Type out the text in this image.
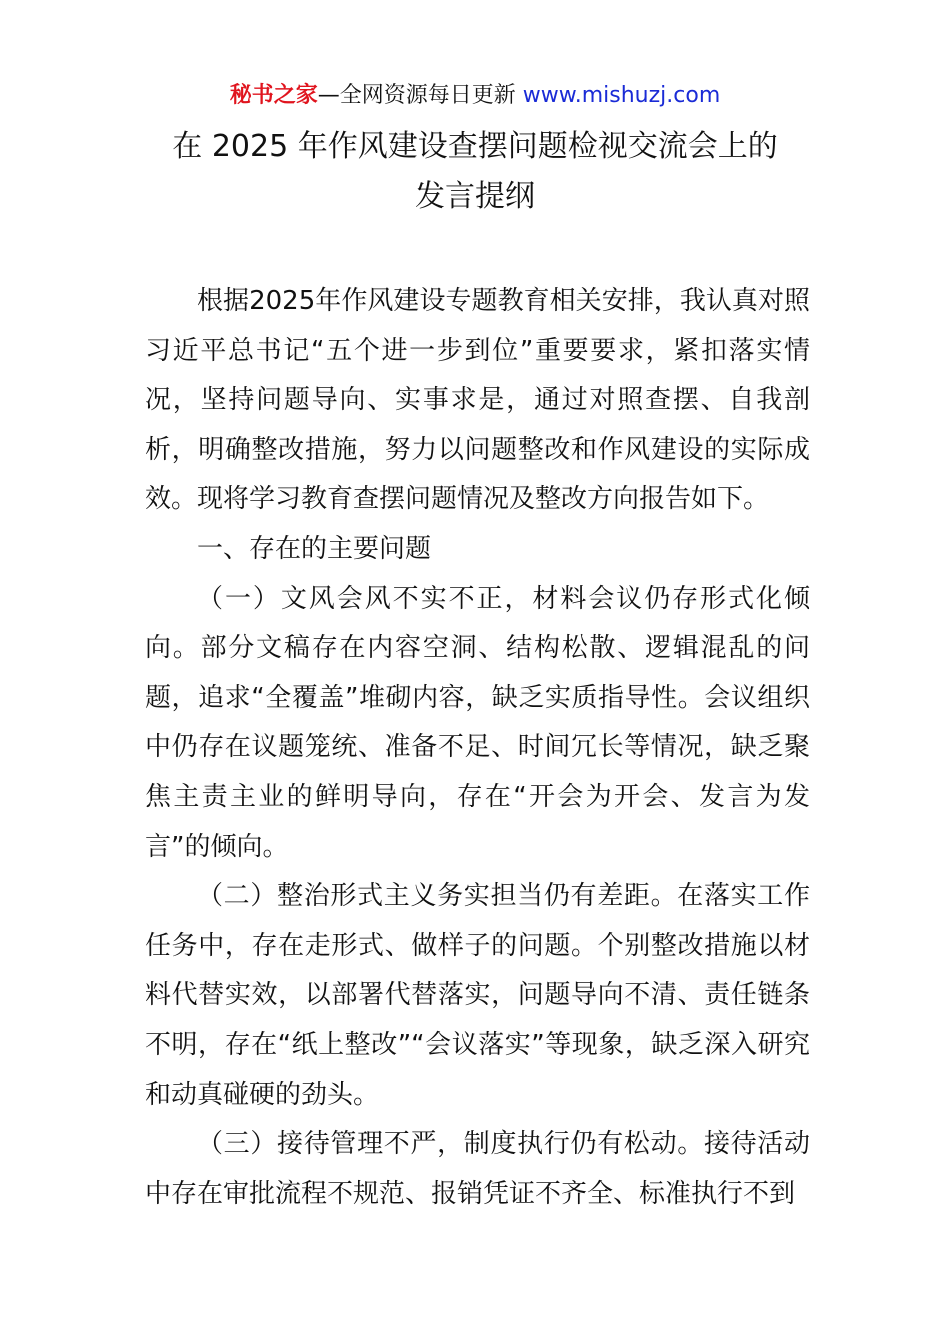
秘书之家—全网资源每日更新 www.mishuzj.com
在 2025 年作风建设查摆问题检视交流会上的
发言提纲

根据2025年作风建设专题教育相关安排，我认真对照习近平总书记“五个进一步到位”重要要求，紧扣落实情况，坚持问题导向、实事求是，通过对照查摆、自我剖析，明确整改措施，努力以问题整改和作风建设的实际成效。现将学习教育查摆问题情况及整改方向报告如下。

一、存在的主要问题

（一）文风会风不实不正，材料会议仍存形式化倾向。部分文稿存在内容空洞、结构松散、逻辑混乱的问题，追求“全覆盖”堆砌内容，缺乏实质指导性。会议组织中仍存在议题笼统、准备不足、时间冗长等情况，缺乏聚焦主责主业的鲜明导向，存在“开会为开会、发言为发言”的倾向。

（二）整治形式主义务实担当仍有差距。在落实工作任务中，存在走形式、做样子的问题。个别整改措施以材料代替实效，以部署代替落实，问题导向不清、责任链条不明，存在“纸上整改”“会议落实”等现象，缺乏深入研究和动真碰硬的劲头。

（三）接待管理不严，制度执行仍有松动。接待活动中存在审批流程不规范、报销凭证不齐全、标准执行不到
